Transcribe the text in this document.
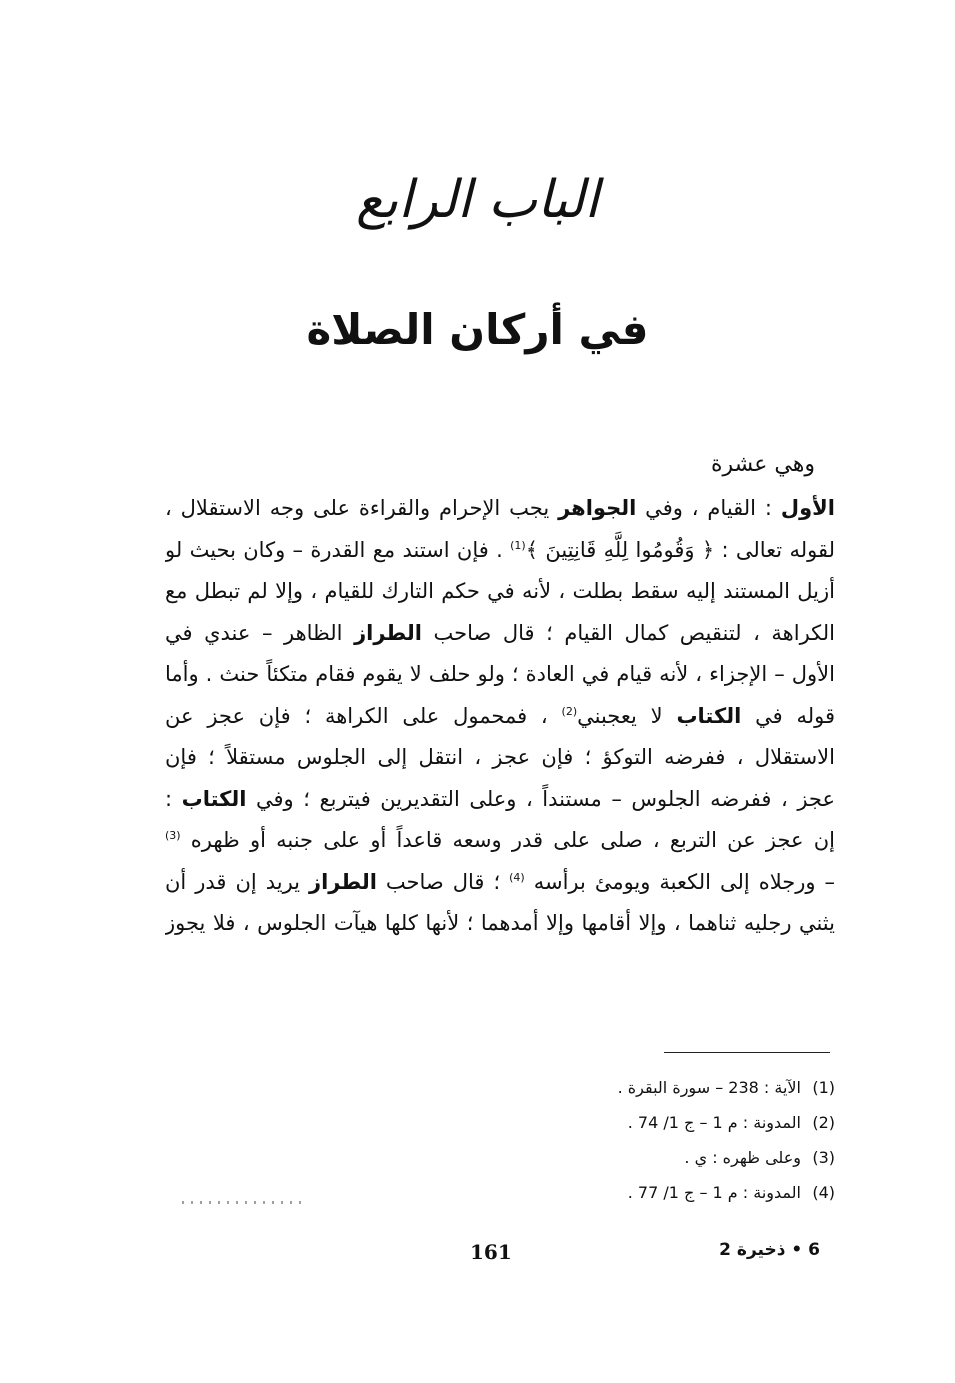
الباب الرابع
في أركان الصلاة
وهي عشرة
الأول : القيام ، وفي الجواهر يجب الإحرام والقراءة على وجه الاستقلال ،
لقوله تعالى : ﴿ وَقُومُوا لِلَّهِ قَانِتِينَ ﴾$^{(1)}$ . فإن استند مع القدرة – وكان بحيث لو
أزيل المستند إليه سقط بطلت ، لأنه في حكم التارك للقيام ، وإلا لم تبطل مع
الكراهة ، لتنقيص كمال القيام ؛ قال صاحب الطراز الظاهر – عندي في
الأول – الإجزاء ، لأنه قيام في العادة ؛ ولو حلف لا يقوم فقام متكئاً حنث . وأما
قوله في الكتاب لا يعجبني$^{(2)}$ ، فمحمول على الكراهة ؛ فإن عجز عن
الاستقلال ، ففرضه التوكؤ ؛ فإن عجز ، انتقل إلى الجلوس مستقلاً ؛ فإن
عجز ، ففرضه الجلوس – مستنداً ، وعلى التقديرين فيتربع ؛ وفي الكتاب :
إن عجز عن التربع ، صلى على قدر وسعه قاعداً أو على جنبه أو ظهره $^{(3)}$
– ورجلاه إلى الكعبة ويومئ برأسه $^{(4)}$ ؛ قال صاحب الطراز يريد إن قدر أن
يثني رجليه ثناهما ، وإلا أقامها وإلا أمدهما ؛ لأنها كلها هيآت الجلوس ، فلا يجوز
(1)الآية : 238 – سورة البقرة .
(2)المدونة : م 1 – ج 1/ 74 .
(3)وعلى ظهره : ي .
(4)المدونة : م 1 – ج 1/ 77 .
161	6 • ذخيرة 2
